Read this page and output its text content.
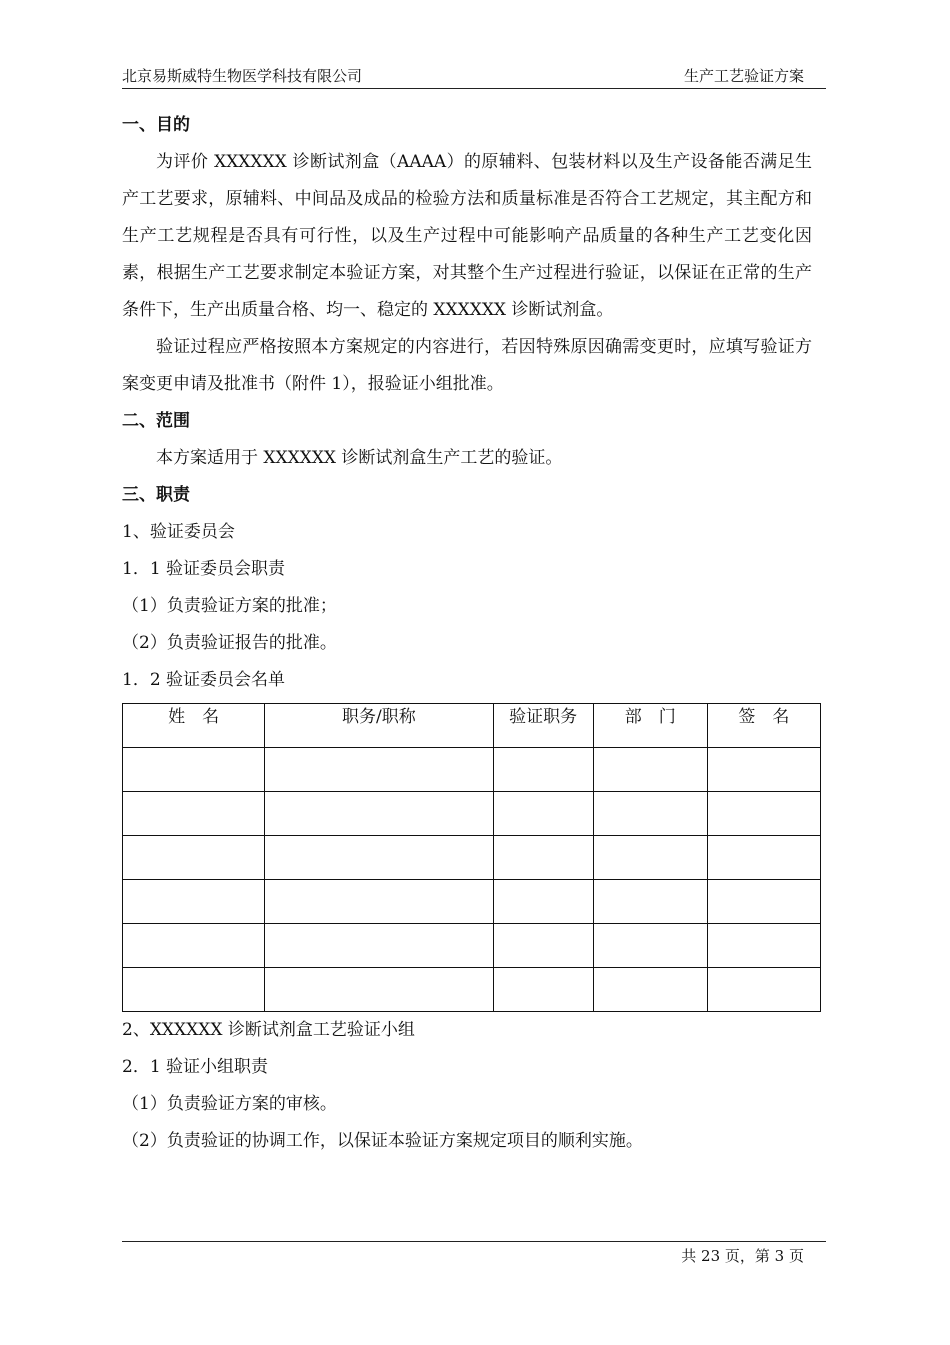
北京易斯威特生物医学科技有限公司	生产工艺验证方案

一、目的

为评价 XXXXXX 诊断试剂盒（AAAA）的原辅料、包装材料以及生产设备能否满足生产工艺要求，原辅料、中间品及成品的检验方法和质量标准是否符合工艺规定，其主配方和生产工艺规程是否具有可行性，以及生产过程中可能影响产品质量的各种生产工艺变化因素，根据生产工艺要求制定本验证方案，对其整个生产过程进行验证，以保证在正常的生产条件下，生产出质量合格、均一、稳定的 XXXXXX 诊断试剂盒。

验证过程应严格按照本方案规定的内容进行，若因特殊原因确需变更时，应填写验证方案变更申请及批准书（附件 1），报验证小组批准。

二、范围

本方案适用于 XXXXXX 诊断试剂盒生产工艺的验证。

三、职责

1、验证委员会

1．1 验证委员会职责

（1）负责验证方案的批准；

（2）负责验证报告的批准。

1．2 验证委员会名单

姓　名	职务/职称	验证职务	部　门	签　名

2、XXXXXX 诊断试剂盒工艺验证小组

2．1 验证小组职责

（1）负责验证方案的审核。

（2）负责验证的协调工作，以保证本验证方案规定项目的顺利实施。

共 23 页，第 3 页
